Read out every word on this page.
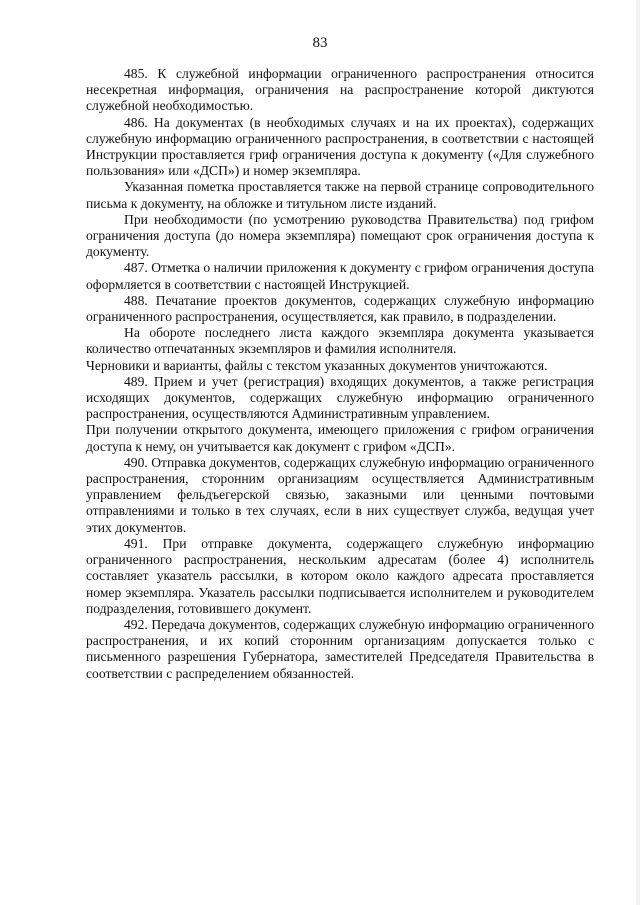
83

485. К служебной информации ограниченного распространения относится несекретная информация, ограничения на распространение которой диктуются служебной необходимостью.

486. На документах (в необходимых случаях и на их проектах), содержащих служебную информацию ограниченного распространения, в соответствии с настоящей Инструкции проставляется гриф ограничения доступа к документу («Для служебного пользования» или «ДСП») и номер экземпляра.

Указанная пометка проставляется также на первой странице сопроводительного письма к документу, на обложке и титульном листе изданий.

При необходимости (по усмотрению руководства Правительства) под грифом ограничения доступа (до номера экземпляра) помещают срок ограничения доступа к документу.

487. Отметка о наличии приложения к документу с грифом ограничения доступа оформляется в соответствии с настоящей Инструкцией.

488. Печатание проектов документов, содержащих служебную информацию ограниченного распространения, осуществляется, как правило, в подразделении.

На обороте последнего листа каждого экземпляра документа указывается количество отпечатанных экземпляров и фамилия исполнителя.

Черновики и варианты, файлы с текстом указанных документов уничтожаются.

489. Прием и учет (регистрация) входящих документов, а также регистрация исходящих документов, содержащих служебную информацию ограниченного распространения, осуществляются Административным управлением.

При получении открытого документа, имеющего приложения с грифом ограничения доступа к нему, он учитывается как документ с грифом «ДСП».

490. Отправка документов, содержащих служебную информацию ограниченного распространения, сторонним организациям осуществляется Административным управлением фельдъегерской связью, заказными или ценными почтовыми отправлениями и только в тех случаях, если в них существует служба, ведущая учет этих документов.

491. При отправке документа, содержащего служебную информацию ограниченного распространения, нескольким адресатам (более 4) исполнитель составляет указатель рассылки, в котором около каждого адресата проставляется номер экземпляра. Указатель рассылки подписывается исполнителем и руководителем подразделения, готовившего документ.

492. Передача документов, содержащих служебную информацию ограниченного распространения, и их копий сторонним организациям допускается только с письменного разрешения Губернатора, заместителей Председателя Правительства в соответствии с распределением обязанностей.
